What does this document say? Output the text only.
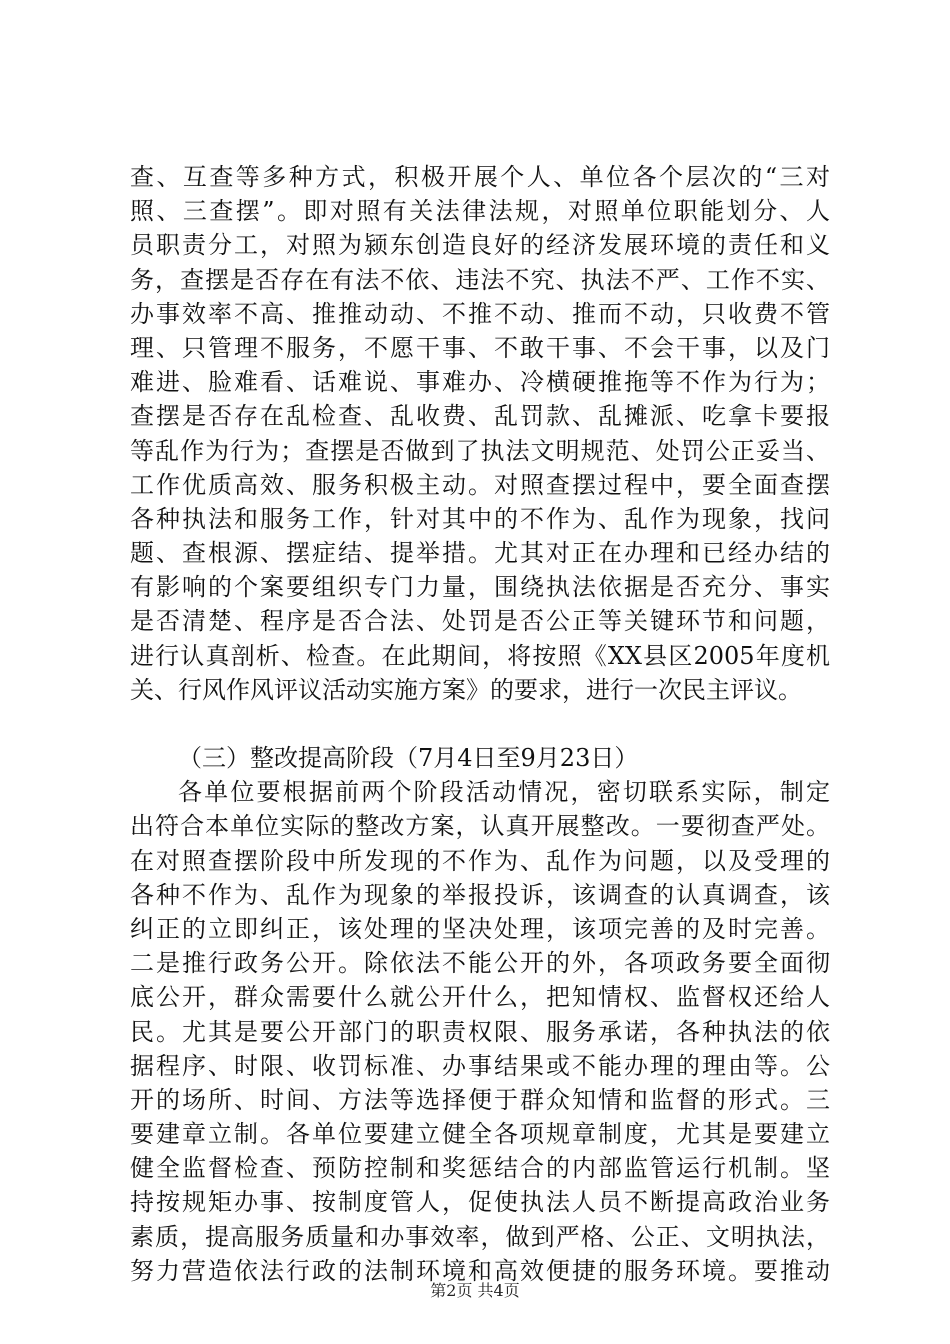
查、互查等多种方式，积极开展个人、单位各个层次的“三对
照、三查摆”。即对照有关法律法规，对照单位职能划分、人
员职责分工，对照为颍东创造良好的经济发展环境的责任和义
务，查摆是否存在有法不依、违法不究、执法不严、工作不实、
办事效率不高、推推动动、不推不动、推而不动，只收费不管
理、只管理不服务，不愿干事、不敢干事、不会干事，以及门
难进、脸难看、话难说、事难办、冷横硬推拖等不作为行为；
查摆是否存在乱检查、乱收费、乱罚款、乱摊派、吃拿卡要报
等乱作为行为；查摆是否做到了执法文明规范、处罚公正妥当、
工作优质高效、服务积极主动。对照查摆过程中，要全面查摆
各种执法和服务工作，针对其中的不作为、乱作为现象，找问
题、查根源、摆症结、提举措。尤其对正在办理和已经办结的
有影响的个案要组织专门力量，围绕执法依据是否充分、事实
是否清楚、程序是否合法、处罚是否公正等关键环节和问题，
进行认真剖析、检查。在此期间，将按照《XX县区2005年度机
关、行风作风评议活动实施方案》的要求，进行一次民主评议。
（三）整改提高阶段（7月4日至9月23日）
各单位要根据前两个阶段活动情况，密切联系实际，制定
出符合本单位实际的整改方案，认真开展整改。一要彻查严处。
在对照查摆阶段中所发现的不作为、乱作为问题，以及受理的
各种不作为、乱作为现象的举报投诉，该调查的认真调查，该
纠正的立即纠正，该处理的坚决处理，该项完善的及时完善。
二是推行政务公开。除依法不能公开的外，各项政务要全面彻
底公开，群众需要什么就公开什么，把知情权、监督权还给人
民。尤其是要公开部门的职责权限、服务承诺，各种执法的依
据程序、时限、收罚标准、办事结果或不能办理的理由等。公
开的场所、时间、方法等选择便于群众知情和监督的形式。三
要建章立制。各单位要建立健全各项规章制度，尤其是要建立
健全监督检查、预防控制和奖惩结合的内部监管运行机制。坚
持按规矩办事、按制度管人，促使执法人员不断提高政治业务
素质，提高服务质量和办事效率，做到严格、公正、文明执法，
努力营造依法行政的法制环境和高效便捷的服务环境。要推动
第2页 共4页
